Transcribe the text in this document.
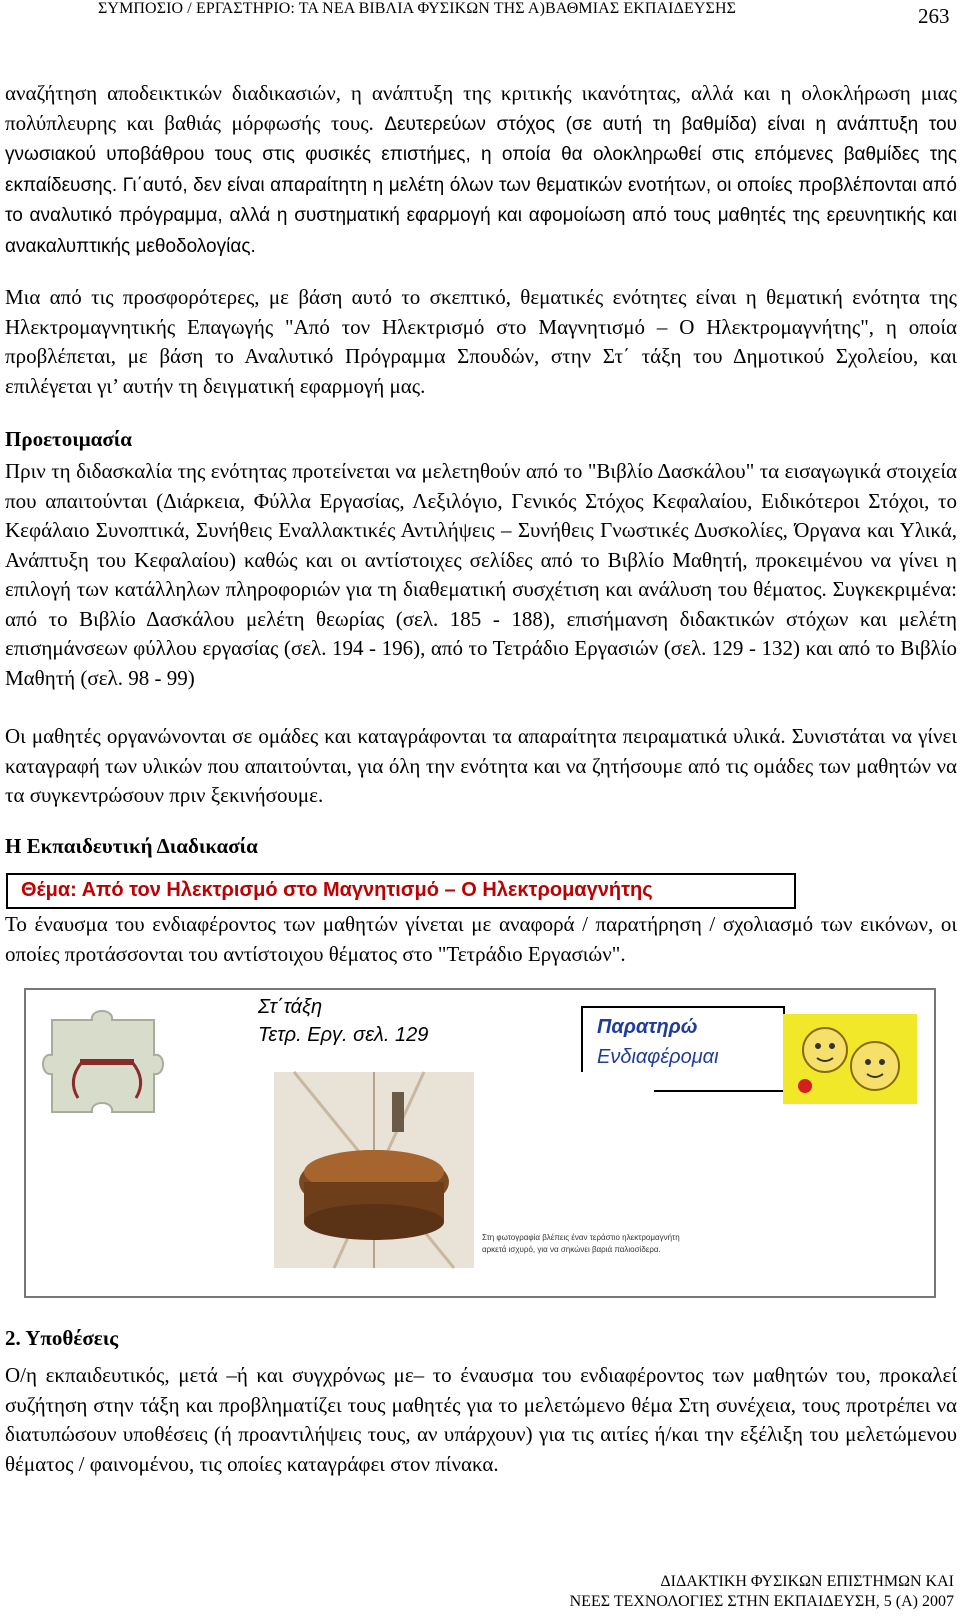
ΣΥΜΠΟΣΙΟ / ΕΡΓΑΣΤΗΡΙΟ: ΤΑ ΝΕΑ ΒΙΒΛΙΑ ΦΥΣΙΚΩΝ ΤΗΣ Α)ΒΑΘΜΙΑΣ ΕΚΠΑΙΔΕΥΣΗΣ	263
αναζήτηση αποδεικτικών διαδικασιών, η ανάπτυξη της κριτικής ικανότητας, αλλά και η ολοκλήρωση μιας πολύπλευρης και βαθιάς μόρφωσής τους. Δευτερεύων στόχος (σε αυτή τη βαθμίδα) είναι η ανάπτυξη του γνωσιακού υποβάθρου τους στις φυσικές επιστήμες, η οποία θα ολοκληρωθεί στις επόμενες βαθμίδες της εκπαίδευσης. Γι΄αυτό, δεν είναι απαραίτητη η μελέτη όλων των θεματικών ενοτήτων, οι οποίες προβλέπονται από το αναλυτικό πρόγραμμα, αλλά η συστηματική εφαρμογή και αφομοίωση από τους μαθητές της ερευνητικής και ανακαλυπτικής μεθοδολογίας.
Μια από τις προσφορότερες, με βάση αυτό το σκεπτικό, θεματικές ενότητες είναι η θεματική ενότητα της Ηλεκτρομαγνητικής Επαγωγής "Από τον Ηλεκτρισμό στο Μαγνητισμό – Ο Ηλεκτρομαγνήτης", η οποία προβλέπεται, με βάση το Αναλυτικό Πρόγραμμα Σπουδών, στην Στ΄ τάξη του Δημοτικού Σχολείου, και επιλέγεται γι’ αυτήν τη δειγματική εφαρμογή μας.
Προετοιμασία
Πριν τη διδασκαλία της ενότητας προτείνεται να μελετηθούν από το "Βιβλίο Δασκάλου" τα εισαγωγικά στοιχεία που απαιτούνται (Διάρκεια, Φύλλα Εργασίας, Λεξιλόγιο, Γενικός Στόχος Κεφαλαίου, Ειδικότεροι Στόχοι, το Κεφάλαιο Συνοπτικά, Συνήθεις Εναλλακτικές Αντιλήψεις – Συνήθεις Γνωστικές Δυσκολίες, Όργανα και Υλικά, Ανάπτυξη του Κεφαλαίου) καθώς και οι αντίστοιχες σελίδες από το Βιβλίο Μαθητή, προκειμένου να γίνει η επιλογή των κατάλληλων πληροφοριών για τη διαθεματική συσχέτιση και ανάλυση του θέματος. Συγκεκριμένα: από το Βιβλίο Δασκάλου μελέτη θεωρίας (σελ. 185 - 188), επισήμανση διδακτικών στόχων και μελέτη επισημάνσεων φύλλου εργασίας (σελ. 194 - 196), από το Τετράδιο Εργασιών (σελ. 129 - 132) και από το Βιβλίο Μαθητή (σελ. 98 - 99)
Οι μαθητές οργανώνονται σε ομάδες και καταγράφονται τα απαραίτητα πειραματικά υλικά. Συνιστάται να γίνει καταγραφή των υλικών που απαιτούνται, για όλη την ενότητα και να ζητήσουμε από τις ομάδες των μαθητών να τα συγκεντρώσουν πριν ξεκινήσουμε.
Η Εκπαιδευτική Διαδικασία
Θέμα: Από τον Ηλεκτρισμό στο Μαγνητισμό – Ο Ηλεκτρομαγνήτης
Το έναυσμα του ενδιαφέροντος των μαθητών γίνεται με αναφορά / παρατήρηση / σχολιασμό των εικόνων, οι οποίες προτάσσονται του αντίστοιχου θέματος στο "Τετράδιο Εργασιών".
Στ΄τάξη
Τετρ. Εργ. σελ. 129	Παρατηρώ
Ενδιαφέρομαι
Στη φωτογραφία βλέπεις έναν τεράστιο ηλεκτρομαγνήτη
αρκετά ισχυρό, για να σηκώνει βαριά παλιοσίδερα.
2. Υποθέσεις
Ο/η εκπαιδευτικός, μετά –ή και συγχρόνως με– το έναυσμα του ενδιαφέροντος των μαθητών του, προκαλεί συζήτηση στην τάξη και προβληματίζει τους μαθητές για το μελετώμενο θέμα Στη συνέχεια, τους προτρέπει να διατυπώσουν υποθέσεις (ή προαντιλήψεις τους, αν υπάρχουν) για τις αιτίες ή/και την εξέλιξη του μελετώμενου θέματος / φαινομένου, τις οποίες καταγράφει στον πίνακα.
ΔΙΔΑΚΤΙΚΗ ΦΥΣΙΚΩΝ ΕΠΙΣΤΗΜΩΝ ΚΑΙ
ΝΕΕΣ ΤΕΧΝΟΛΟΓΙΕΣ ΣΤΗΝ ΕΚΠΑΙΔΕΥΣΗ, 5 (Α) 2007
